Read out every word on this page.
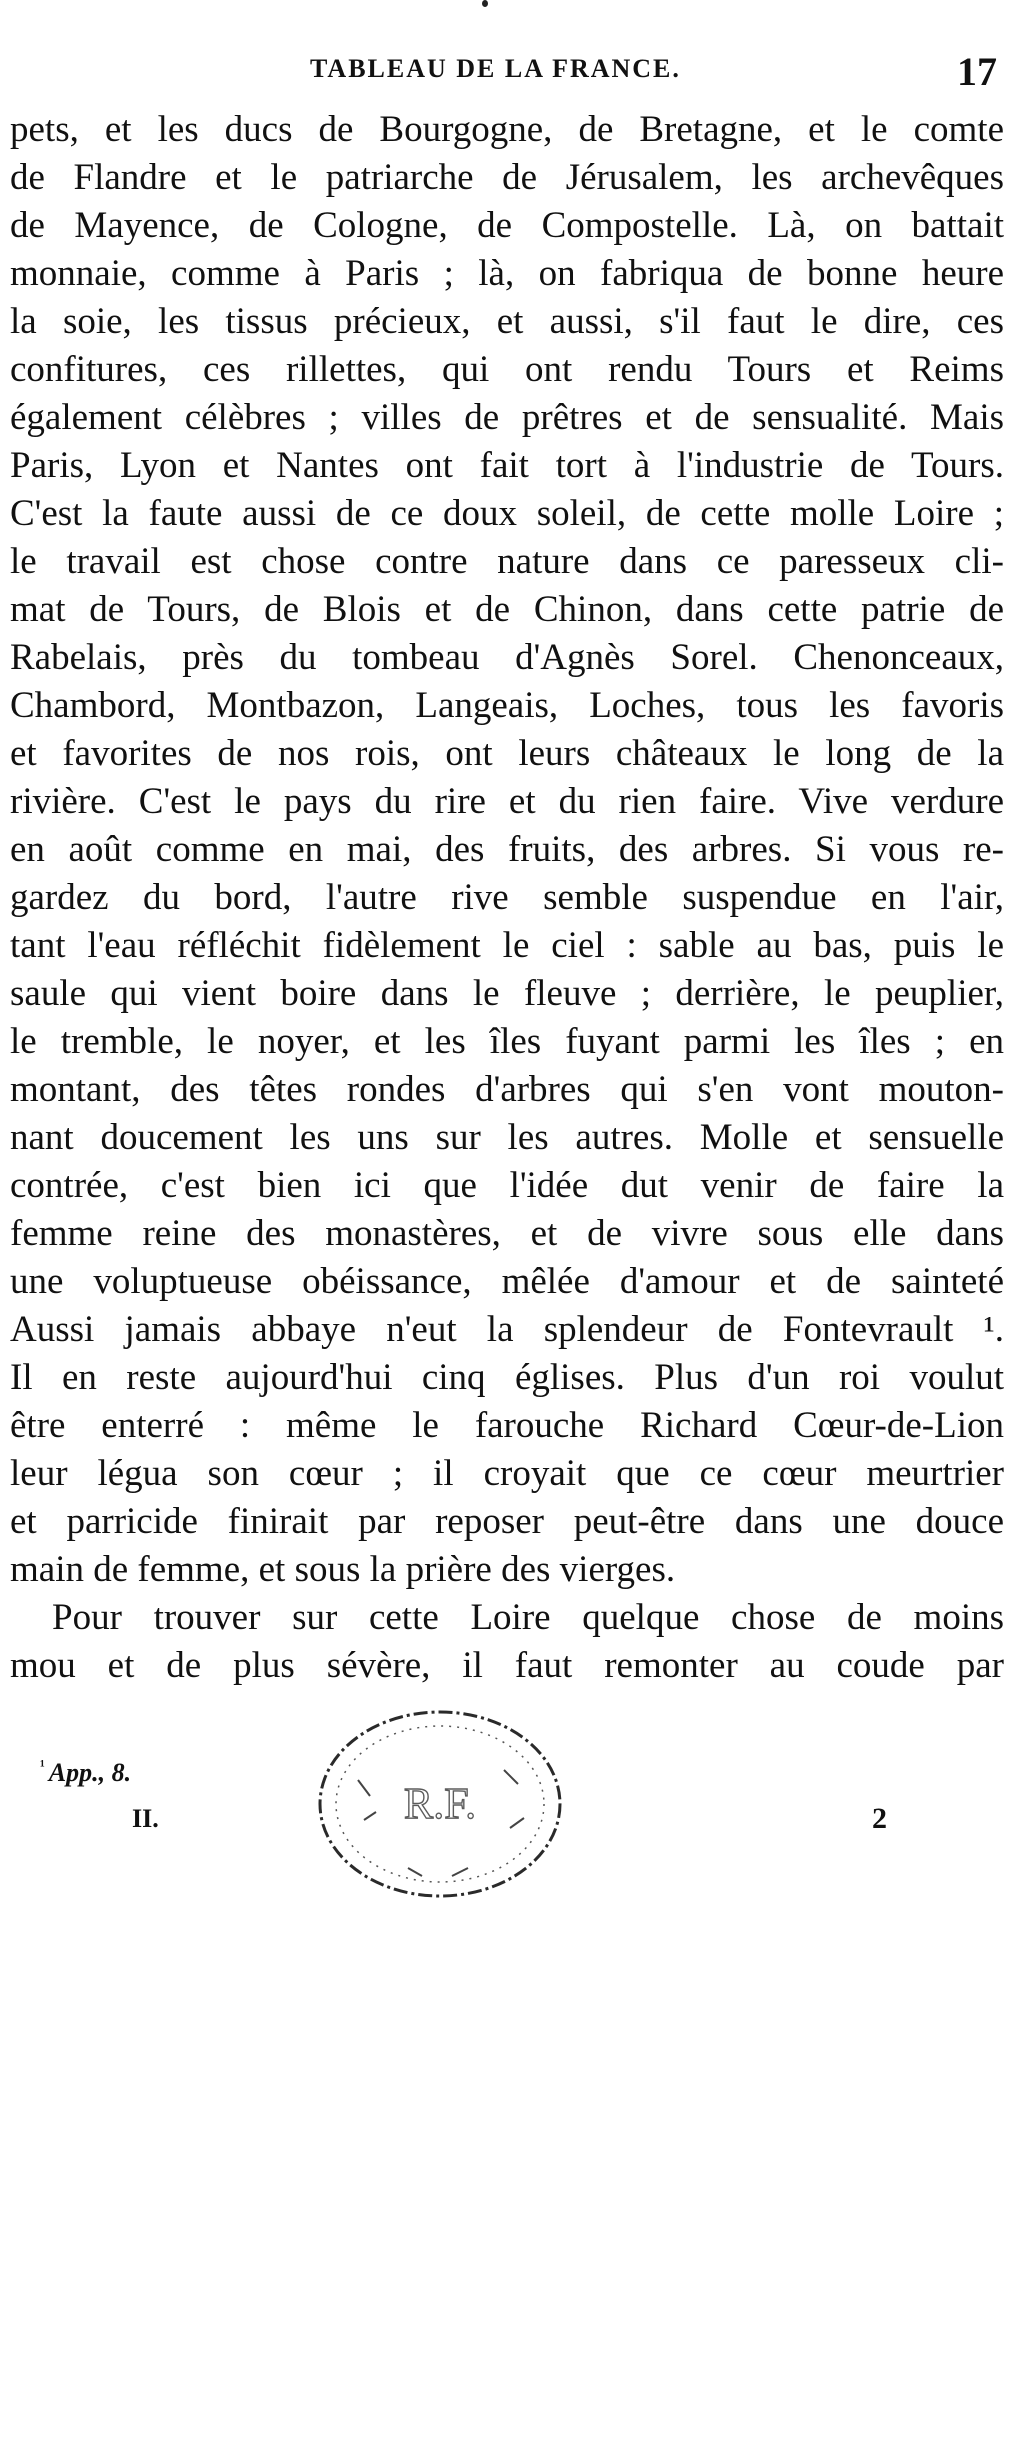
TABLEAU DE LA FRANCE.	17
pets, et les ducs de Bourgogne, de Bretagne, et le comte
de Flandre et le patriarche de Jérusalem, les archevêques
de Mayence, de Cologne, de Compostelle. Là, on battait
monnaie, comme à Paris ; là, on fabriqua de bonne heure
la soie, les tissus précieux, et aussi, s'il faut le dire, ces
confitures, ces rillettes, qui ont rendu Tours et Reims
également célèbres ; villes de prêtres et de sensualité. Mais
Paris, Lyon et Nantes ont fait tort à l'industrie de Tours.
C'est la faute aussi de ce doux soleil, de cette molle Loire ;
le travail est chose contre nature dans ce paresseux cli-
mat de Tours, de Blois et de Chinon, dans cette patrie de
Rabelais, près du tombeau d'Agnès Sorel. Chenonceaux,
Chambord, Montbazon, Langeais, Loches, tous les favoris
et favorites de nos rois, ont leurs châteaux le long de la
rivière. C'est le pays du rire et du rien faire. Vive verdure
en août comme en mai, des fruits, des arbres. Si vous re-
gardez du bord, l'autre rive semble suspendue en l'air,
tant l'eau réfléchit fidèlement le ciel : sable au bas, puis le
saule qui vient boire dans le fleuve ; derrière, le peuplier,
le tremble, le noyer, et les îles fuyant parmi les îles ; en
montant, des têtes rondes d'arbres qui s'en vont mouton-
nant doucement les uns sur les autres. Molle et sensuelle
contrée, c'est bien ici que l'idée dut venir de faire la
femme reine des monastères, et de vivre sous elle dans
une voluptueuse obéissance, mêlée d'amour et de sainteté
Aussi jamais abbaye n'eut la splendeur de Fontevrault ¹.
Il en reste aujourd'hui cinq églises. Plus d'un roi voulut
être enterré : même le farouche Richard Cœur-de-Lion
leur légua son cœur ; il croyait que ce cœur meurtrier
et parricide finirait par reposer peut-être dans une douce
main de femme, et sous la prière des vierges.
Pour trouver sur cette Loire quelque chose de moins
mou et de plus sévère, il faut remonter au coude par
$^{^1}$ App., 8.
II.	2
R.F.
